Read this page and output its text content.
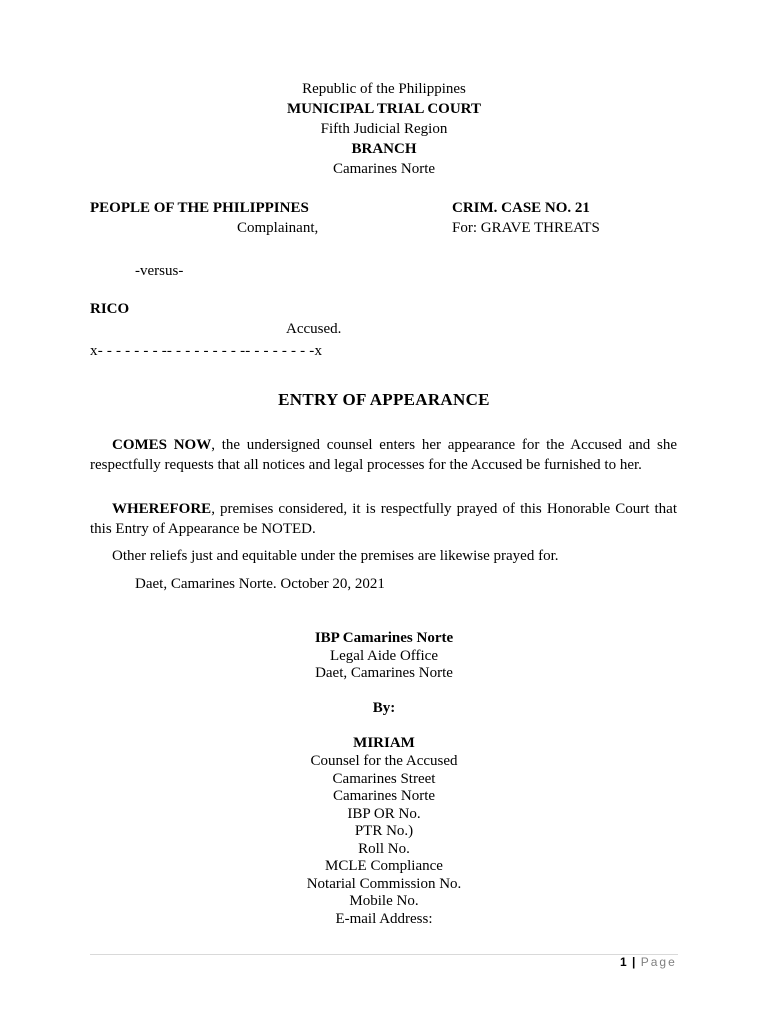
Republic of the Philippines
MUNICIPAL TRIAL COURT
Fifth Judicial Region
BRANCH
Camarines Norte
PEOPLE OF THE PHILIPPINES
Complainant,
CRIM. CASE NO. 21
For: GRAVE THREATS
-versus-
RICO
Accused.
x- - - - - - - -- - - - - - - - -- - - - - - - -x
ENTRY OF APPEARANCE
COMES NOW, the undersigned counsel enters her appearance for the Accused and she respectfully requests that all notices and legal processes for the Accused be furnished to her.
WHEREFORE, premises considered, it is respectfully prayed of this Honorable Court that this Entry of Appearance be NOTED.
Other reliefs just and equitable under the premises are likewise prayed for.
Daet, Camarines Norte. October 20, 2021
IBP Camarines Norte
Legal Aide Office
Daet, Camarines Norte
By:
MIRIAM
Counsel for the Accused
Camarines Street
Camarines Norte
IBP OR No.
PTR No.)
Roll No.
MCLE Compliance
Notarial Commission No.
Mobile No.
E-mail Address:
1 | Page
